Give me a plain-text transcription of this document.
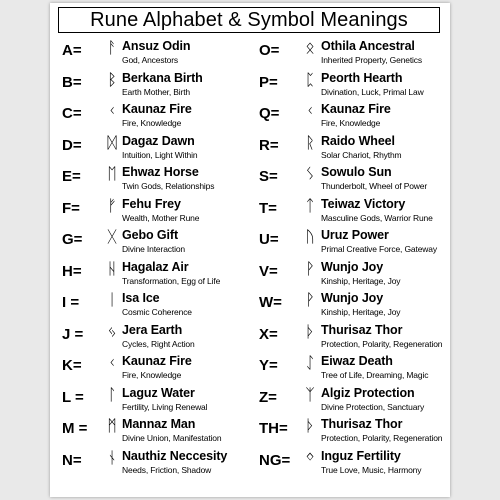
Rune Alphabet & Symbol Meanings
A=	ᚨ Ansuz Odin
God, Ancestors
B=	ᛒ Berkana Birth
Earth Mother, Birth
C=	ᚲ Kaunaz Fire
Fire, Knowledge
D=	ᛞ Dagaz Dawn
Intuition, Light Within
E=	ᛖ Ehwaz Horse
Twin Gods, Relationships
F=	ᚠ Fehu Frey
Wealth, Mother Rune
G=	ᚷ Gebo Gift
Divine Interaction
H=	ᚺ Hagalaz Air
Transformation, Egg of Life
I =	ᛁ Isa Ice
Cosmic Coherence
J =	ᛃ Jera Earth
Cycles, Right Action
K=	ᚲ Kaunaz Fire
Fire, Knowledge
L =	ᛚ Laguz Water
Fertility, Living Renewal
M =	ᛗ Mannaz Man
Divine Union, Manifestation
N=	ᚾ Nauthiz Neccesity
Needs, Friction, Shadow
O=	ᛟ Othila Ancestral
Inherited Property, Genetics
P=	ᛈ Peorth Hearth
Divination, Luck, Primal Law
Q=	ᚲ Kaunaz Fire
Fire, Knowledge
R=	ᚱ Raido Wheel
Solar Chariot, Rhythm
S=	ᛊ Sowulo Sun
Thunderbolt, Wheel of Power
T=	ᛏ Teiwaz Victory
Masculine Gods, Warrior Rune
U=	ᚢ Uruz Power
Primal Creative Force, Gateway
V=	ᚹ Wunjo Joy
Kinship, Heritage, Joy
W=	ᚹ Wunjo Joy
Kinship, Heritage, Joy
X=	ᚦ Thurisaz Thor
Protection, Polarity, Regeneration
Y=	ᛇ Eiwaz Death
Tree of Life, Dreaming, Magic
Z=	ᛉ Algiz Protection
Divine Protection, Sanctuary
TH=	ᚦ Thurisaz Thor
Protection, Polarity, Regeneration
NG= ᛜ Inguz Fertility
True Love, Music, Harmony
